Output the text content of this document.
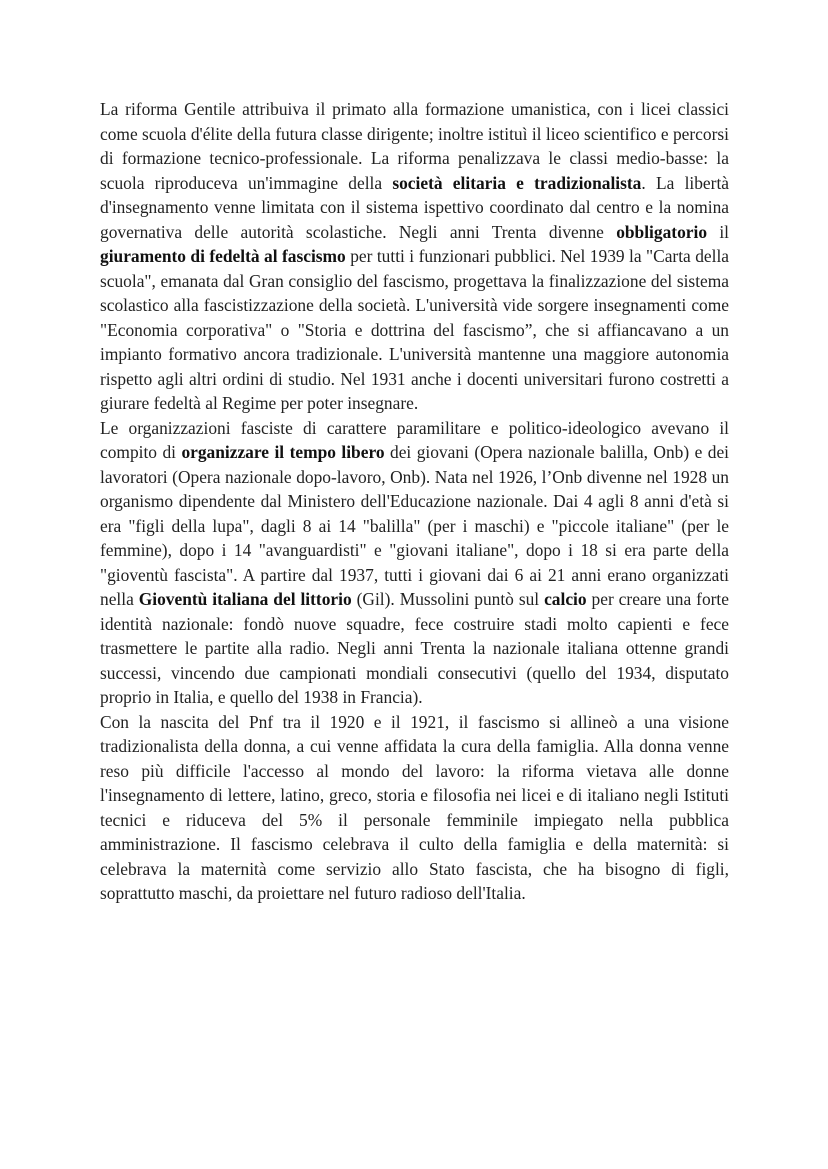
La riforma Gentile attribuiva il primato alla formazione umanistica, con i licei classici come scuola d'élite della futura classe dirigente; inoltre istituì il liceo scientifico e percorsi di formazione tecnico-professionale. La riforma penalizzava le classi medio-basse: la scuola riproduceva un'immagine della società elitaria e tradizionalista. La libertà d'insegnamento venne limitata con il sistema ispettivo coordinato dal centro e la nomina governativa delle autorità scolastiche. Negli anni Trenta divenne obbligatorio il giuramento di fedeltà al fascismo per tutti i funzionari pubblici. Nel 1939 la "Carta della scuola", emanata dal Gran consiglio del fascismo, progettava la finalizzazione del sistema scolastico alla fascistizzazione della società. L'università vide sorgere insegnamenti come "Economia corporativa" o "Storia e dottrina del fascismo”, che si affiancavano a un impianto formativo ancora tradizionale. L'università mantenne una maggiore autonomia rispetto agli altri ordini di studio. Nel 1931 anche i docenti universitari furono costretti a giurare fedeltà al Regime per poter insegnare.

Le organizzazioni fasciste di carattere paramilitare e politico-ideologico avevano il compito di organizzare il tempo libero dei giovani (Opera nazionale balilla, Onb) e dei lavoratori (Opera nazionale dopo-lavoro, Onb). Nata nel 1926, l’Onb divenne nel 1928 un organismo dipendente dal Ministero dell'Educazione nazionale. Dai 4 agli 8 anni d'età si era "figli della lupa", dagli 8 ai 14 "balilla" (per i maschi) e "piccole italiane" (per le femmine), dopo i 14 "avanguardisti" e "giovani italiane", dopo i 18 si era parte della "gioventù fascista". A partire dal 1937, tutti i giovani dai 6 ai 21 anni erano organizzati nella Gioventù italiana del littorio (Gil). Mussolini puntò sul calcio per creare una forte identità nazionale: fondò nuove squadre, fece costruire stadi molto capienti e fece trasmettere le partite alla radio. Negli anni Trenta la nazionale italiana ottenne grandi successi, vincendo due campionati mondiali consecutivi (quello del 1934, disputato proprio in Italia, e quello del 1938 in Francia).

Con la nascita del Pnf tra il 1920 e il 1921, il fascismo si allineò a una visione tradizionalista della donna, a cui venne affidata la cura della famiglia. Alla donna venne reso più difficile l'accesso al mondo del lavoro: la riforma vietava alle donne l'insegnamento di lettere, latino, greco, storia e filosofia nei licei e di italiano negli Istituti tecnici e riduceva del 5% il personale femminile impiegato nella pubblica amministrazione. Il fascismo celebrava il culto della famiglia e della maternità: si celebrava la maternità come servizio allo Stato fascista, che ha bisogno di figli, soprattutto maschi, da proiettare nel futuro radioso dell'Italia.
